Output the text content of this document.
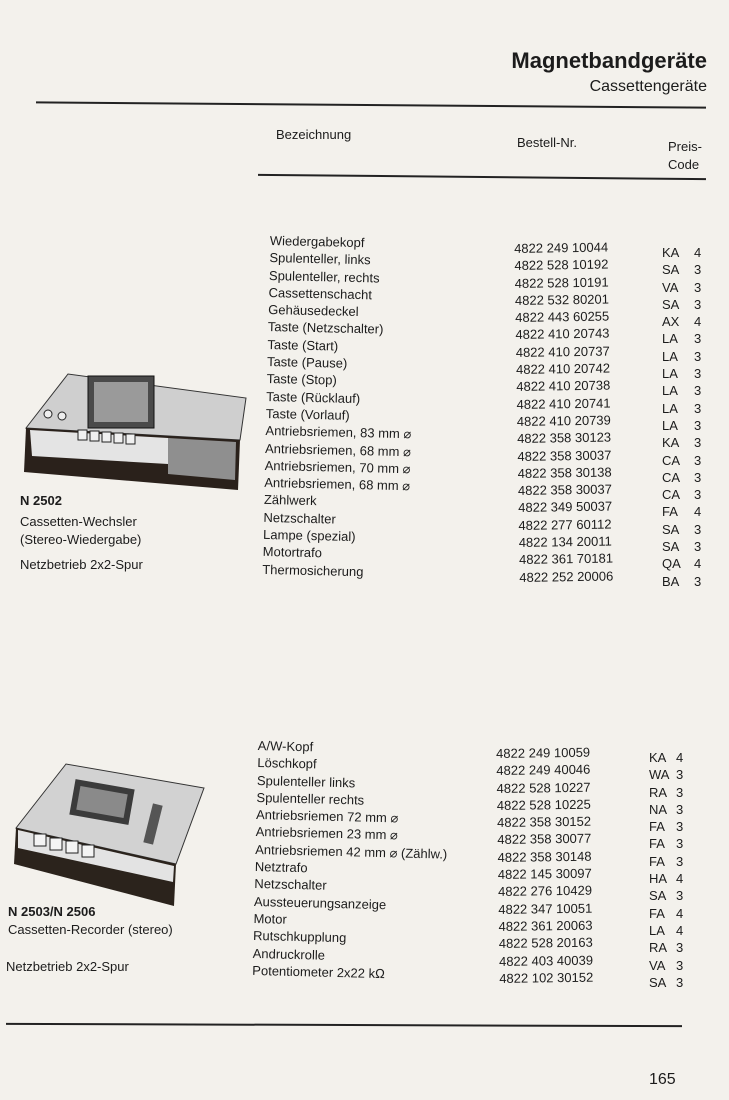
Magnetbandgeräte
Cassettengeräte
Bezeichnung
Bestell-Nr.	Preis-
Code
N 2502
Cassetten-Wechsler
(Stereo-Wiedergabe)
Netzbetrieb 2x2-Spur
Wiedergabekopf
Spulenteller, links
Spulenteller, rechts
Cassettenschacht
Gehäusedeckel
Taste (Netzschalter)
Taste (Start)
Taste (Pause)
Taste (Stop)
Taste (Rücklauf)
Taste (Vorlauf)
Antriebsriemen, 83 mm ⌀
Antriebsriemen, 68 mm ⌀
Antriebsriemen, 70 mm ⌀
Antriebsriemen, 68 mm ⌀
Zählwerk
Netzschalter
Lampe (spezial)
Motortrafo
Thermosicherung
4822 249 10044
4822 528 10192
4822 528 10191
4822 532 80201
4822 443 60255
4822 410 20743
4822 410 20737
4822 410 20742
4822 410 20738
4822 410 20741
4822 410 20739
4822 358 30123
4822 358 30037
4822 358 30138
4822 358 30037
4822 349 50037
4822 277 60112
4822 134 20011
4822 361 70181
4822 252 20006
KA
SA
VA
SA
AX
LA
LA
LA
LA
LA
LA
KA
CA
CA
CA
FA
SA
SA
QA
BA
4
3
3
3
4
3
3
3
3
3
3
3
3
3
3
4
3
3
4
3
N 2503/N 2506
Cassetten-Recorder (stereo)
Netzbetrieb 2x2-Spur
A/W-Kopf
Löschkopf
Spulenteller links
Spulenteller rechts
Antriebsriemen 72 mm ⌀
Antriebsriemen 23 mm ⌀
Antriebsriemen 42 mm ⌀ (Zählw.)
Netztrafo
Netzschalter
Aussteuerungsanzeige
Motor
Rutschkupplung
Andruckrolle
Potentiometer 2x22 kΩ
4822 249 10059
4822 249 40046
4822 528 10227
4822 528 10225
4822 358 30152
4822 358 30077
4822 358 30148
4822 145 30097
4822 276 10429
4822 347 10051
4822 361 20063
4822 528 20163
4822 403 40039
4822 102 30152
KA
WA
RA
NA
FA
FA
FA
HA
SA
FA
LA
RA
VA
SA
4
3
3
3
3
3
3
4
3
4
4
3
3
3
165
